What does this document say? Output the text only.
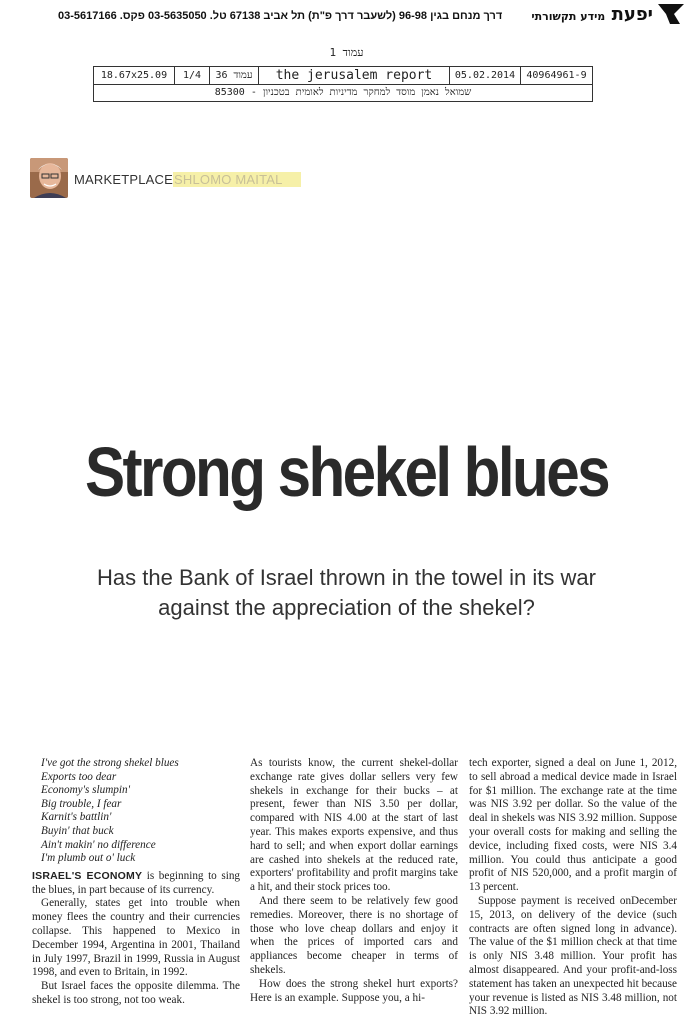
דרך מנחם בגין 96-98 (לשעבר דרך פ"ת) תל אביב 67138 טל. 03-5635050 פקס. 03-5617166	יפעת מידע תקשורתי
עמוד 1
18.67x25.09	1/4	עמוד 36	the jerusalem report	05.02.2014	40964961-9
שמואל נאמן מוסד למחקר מדיניות לאומית בטכניון - 85300
MARKETPLACESHLOMO MAITAL
Strong shekel blues
Has the Bank of Israel thrown in the towel in its war against the appreciation of the shekel?
I've got the strong shekel blues
Exports too dear
Economy's slumpin'
Big trouble, I fear
Karnit's battlin'
Buyin' that buck
Ain't makin' no difference
I'm plumb out o' luck

ISRAEL'S ECONOMY is beginning to sing the blues, in part because of its currency.

Generally, states get into trouble when money flees the country and their currencies collapse. This happened to Mexico in December 1994, Argentina in 2001, Thailand in July 1997, Brazil in 1999, Russia in August 1998, and even to Britain, in 1992.

But Israel faces the opposite dilemma. The shekel is too strong, not too weak.

As tourists know, the current shekel-dollar exchange rate gives dollar sellers very few shekels in exchange for their bucks – at present, fewer than NIS 3.50 per dollar, compared with NIS 4.00 at the start of last year. This makes exports expensive, and thus hard to sell; and when export dollar earnings are cashed into shekels at the reduced rate, exporters' profitability and profit margins take a hit, and their stock prices too.

And there seem to be relatively few good remedies. Moreover, there is no shortage of those who love cheap dollars and enjoy it when the prices of imported cars and appliances become cheaper in terms of shekels.

How does the strong shekel hurt exports? Here is an example. Suppose you, a hi-

tech exporter, signed a deal on June 1, 2012, to sell abroad a medical device made in Israel for $1 million. The exchange rate at the time was NIS 3.92 per dollar. So the value of the deal in shekels was NIS 3.92 million. Suppose your overall costs for making and selling the device, including fixed costs, were NIS 3.4 million. You could thus anticipate a good profit of NIS 520,000, and a profit margin of 13 percent.

Suppose payment is received onDecember 15, 2013, on delivery of the device (such contracts are often signed long in advance). The value of the $1 million check at that time is only NIS 3.48 million. Your profit has almost disappeared. And your profit-and-loss statement has taken an unexpected hit because your revenue is listed as NIS 3.48 million, not NIS 3.92 million.
